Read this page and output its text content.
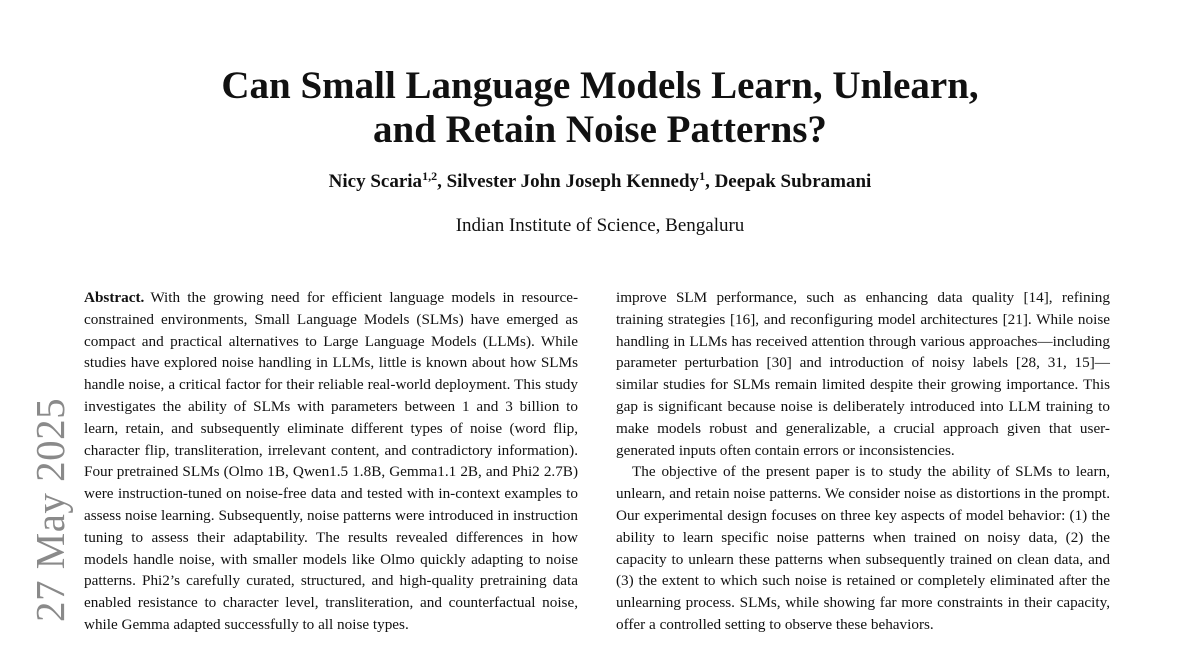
27 May 2025
Can Small Language Models Learn, Unlearn,
and Retain Noise Patterns?
Nicy Scaria$^{1,2}$, Silvester John Joseph Kennedy$^1$, Deepak Subramani
Indian Institute of Science, Bengaluru

Abstract. With the growing need for efficient language models in resource-constrained environments, Small Language Models (SLMs) have emerged as compact and practical alternatives to Large Language Models (LLMs). While studies have explored noise handling in LLMs, little is known about how SLMs handle noise, a critical factor for their reliable real-world deployment. This study investigates the ability of SLMs with parameters between 1 and 3 billion to learn, retain, and subsequently eliminate different types of noise (word flip, character flip, transliteration, irrelevant content, and contradictory information). Four pretrained SLMs (Olmo 1B, Qwen1.5 1.8B, Gemma1.1 2B, and Phi2 2.7B) were instruction-tuned on noise-free data and tested with in-context examples to assess noise learning. Subsequently, noise patterns were introduced in instruction tuning to assess their adaptability. The results revealed differences in how models handle noise, with smaller models like Olmo quickly adapting to noise patterns. Phi2’s carefully curated, structured, and high-quality pretraining data enabled resistance to character level, transliteration, and counterfactual noise, while Gemma adapted successfully to all noise types.

improve SLM performance, such as enhancing data quality [14], refining training strategies [16], and reconfiguring model architectures [21]. While noise handling in LLMs has received attention through various approaches—including parameter perturbation [30] and introduction of noisy labels [28, 31, 15]—similar studies for SLMs remain limited despite their growing importance. This gap is significant because noise is deliberately introduced into LLM training to make models robust and generalizable, a crucial approach given that user-generated inputs often contain errors or inconsistencies.

The objective of the present paper is to study the ability of SLMs to learn, unlearn, and retain noise patterns. We consider noise as distortions in the prompt. Our experimental design focuses on three key aspects of model behavior: (1) the ability to learn specific noise patterns when trained on noisy data, (2) the capacity to unlearn these patterns when subsequently trained on clean data, and (3) the extent to which such noise is retained or completely eliminated after the unlearning process. SLMs, while showing far more constraints in their capacity, offer a controlled setting to observe these behaviors.
